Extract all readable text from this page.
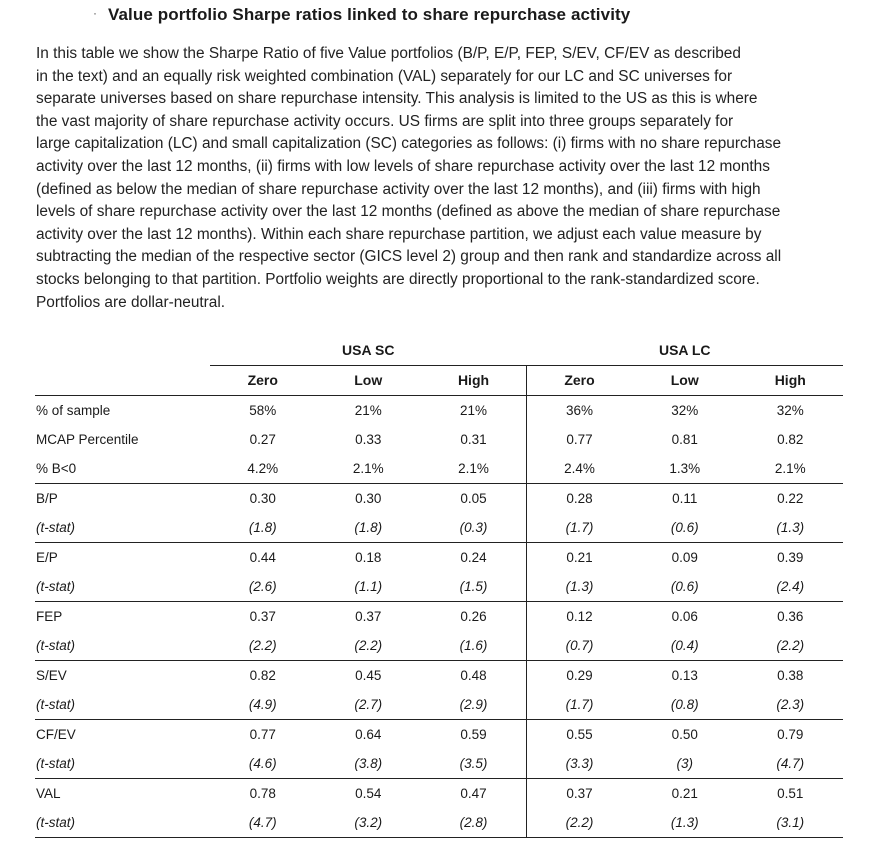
· Value portfolio Sharpe ratios linked to share repurchase activity

In this table we show the Sharpe Ratio of five Value portfolios (B/P, E/P, FEP, S/EV, CF/EV as described
in the text) and an equally risk weighted combination (VAL) separately for our LC and SC universes for
separate universes based on share repurchase intensity. This analysis is limited to the US as this is where
the vast majority of share repurchase activity occurs. US firms are split into three groups separately for
large capitalization (LC) and small capitalization (SC) categories as follows: (i) firms with no share repurchase
activity over the last 12 months, (ii) firms with low levels of share repurchase activity over the last 12 months
(defined as below the median of share repurchase activity over the last 12 months), and (iii) firms with high
levels of share repurchase activity over the last 12 months (defined as above the median of share repurchase
activity over the last 12 months). Within each share repurchase partition, we adjust each value measure by
subtracting the median of the respective sector (GICS level 2) group and then rank and standardize across all
stocks belonging to that partition. Portfolio weights are directly proportional to the rank-standardized score.
Portfolios are dollar-neutral.

	USA SC			USA LC		
	Zero	Low	High	Zero	Low	High
% of sample	58%	21%	21%	36%	32%	32%
MCAP Percentile	0.27	0.33	0.31	0.77	0.81	0.82
% B<0	4.2%	2.1%	2.1%	2.4%	1.3%	2.1%
B/P	0.30	0.30	0.05	0.28	0.11	0.22
(t-stat)	(1.8)	(1.8)	(0.3)	(1.7)	(0.6)	(1.3)
E/P	0.44	0.18	0.24	0.21	0.09	0.39
(t-stat)	(2.6)	(1.1)	(1.5)	(1.3)	(0.6)	(2.4)
FEP	0.37	0.37	0.26	0.12	0.06	0.36
(t-stat)	(2.2)	(2.2)	(1.6)	(0.7)	(0.4)	(2.2)
S/EV	0.82	0.45	0.48	0.29	0.13	0.38
(t-stat)	(4.9)	(2.7)	(2.9)	(1.7)	(0.8)	(2.3)
CF/EV	0.77	0.64	0.59	0.55	0.50	0.79
(t-stat)	(4.6)	(3.8)	(3.5)	(3.3)	(3)	(4.7)
VAL	0.78	0.54	0.47	0.37	0.21	0.51
(t-stat)	(4.7)	(3.2)	(2.8)	(2.2)	(1.3)	(3.1)
